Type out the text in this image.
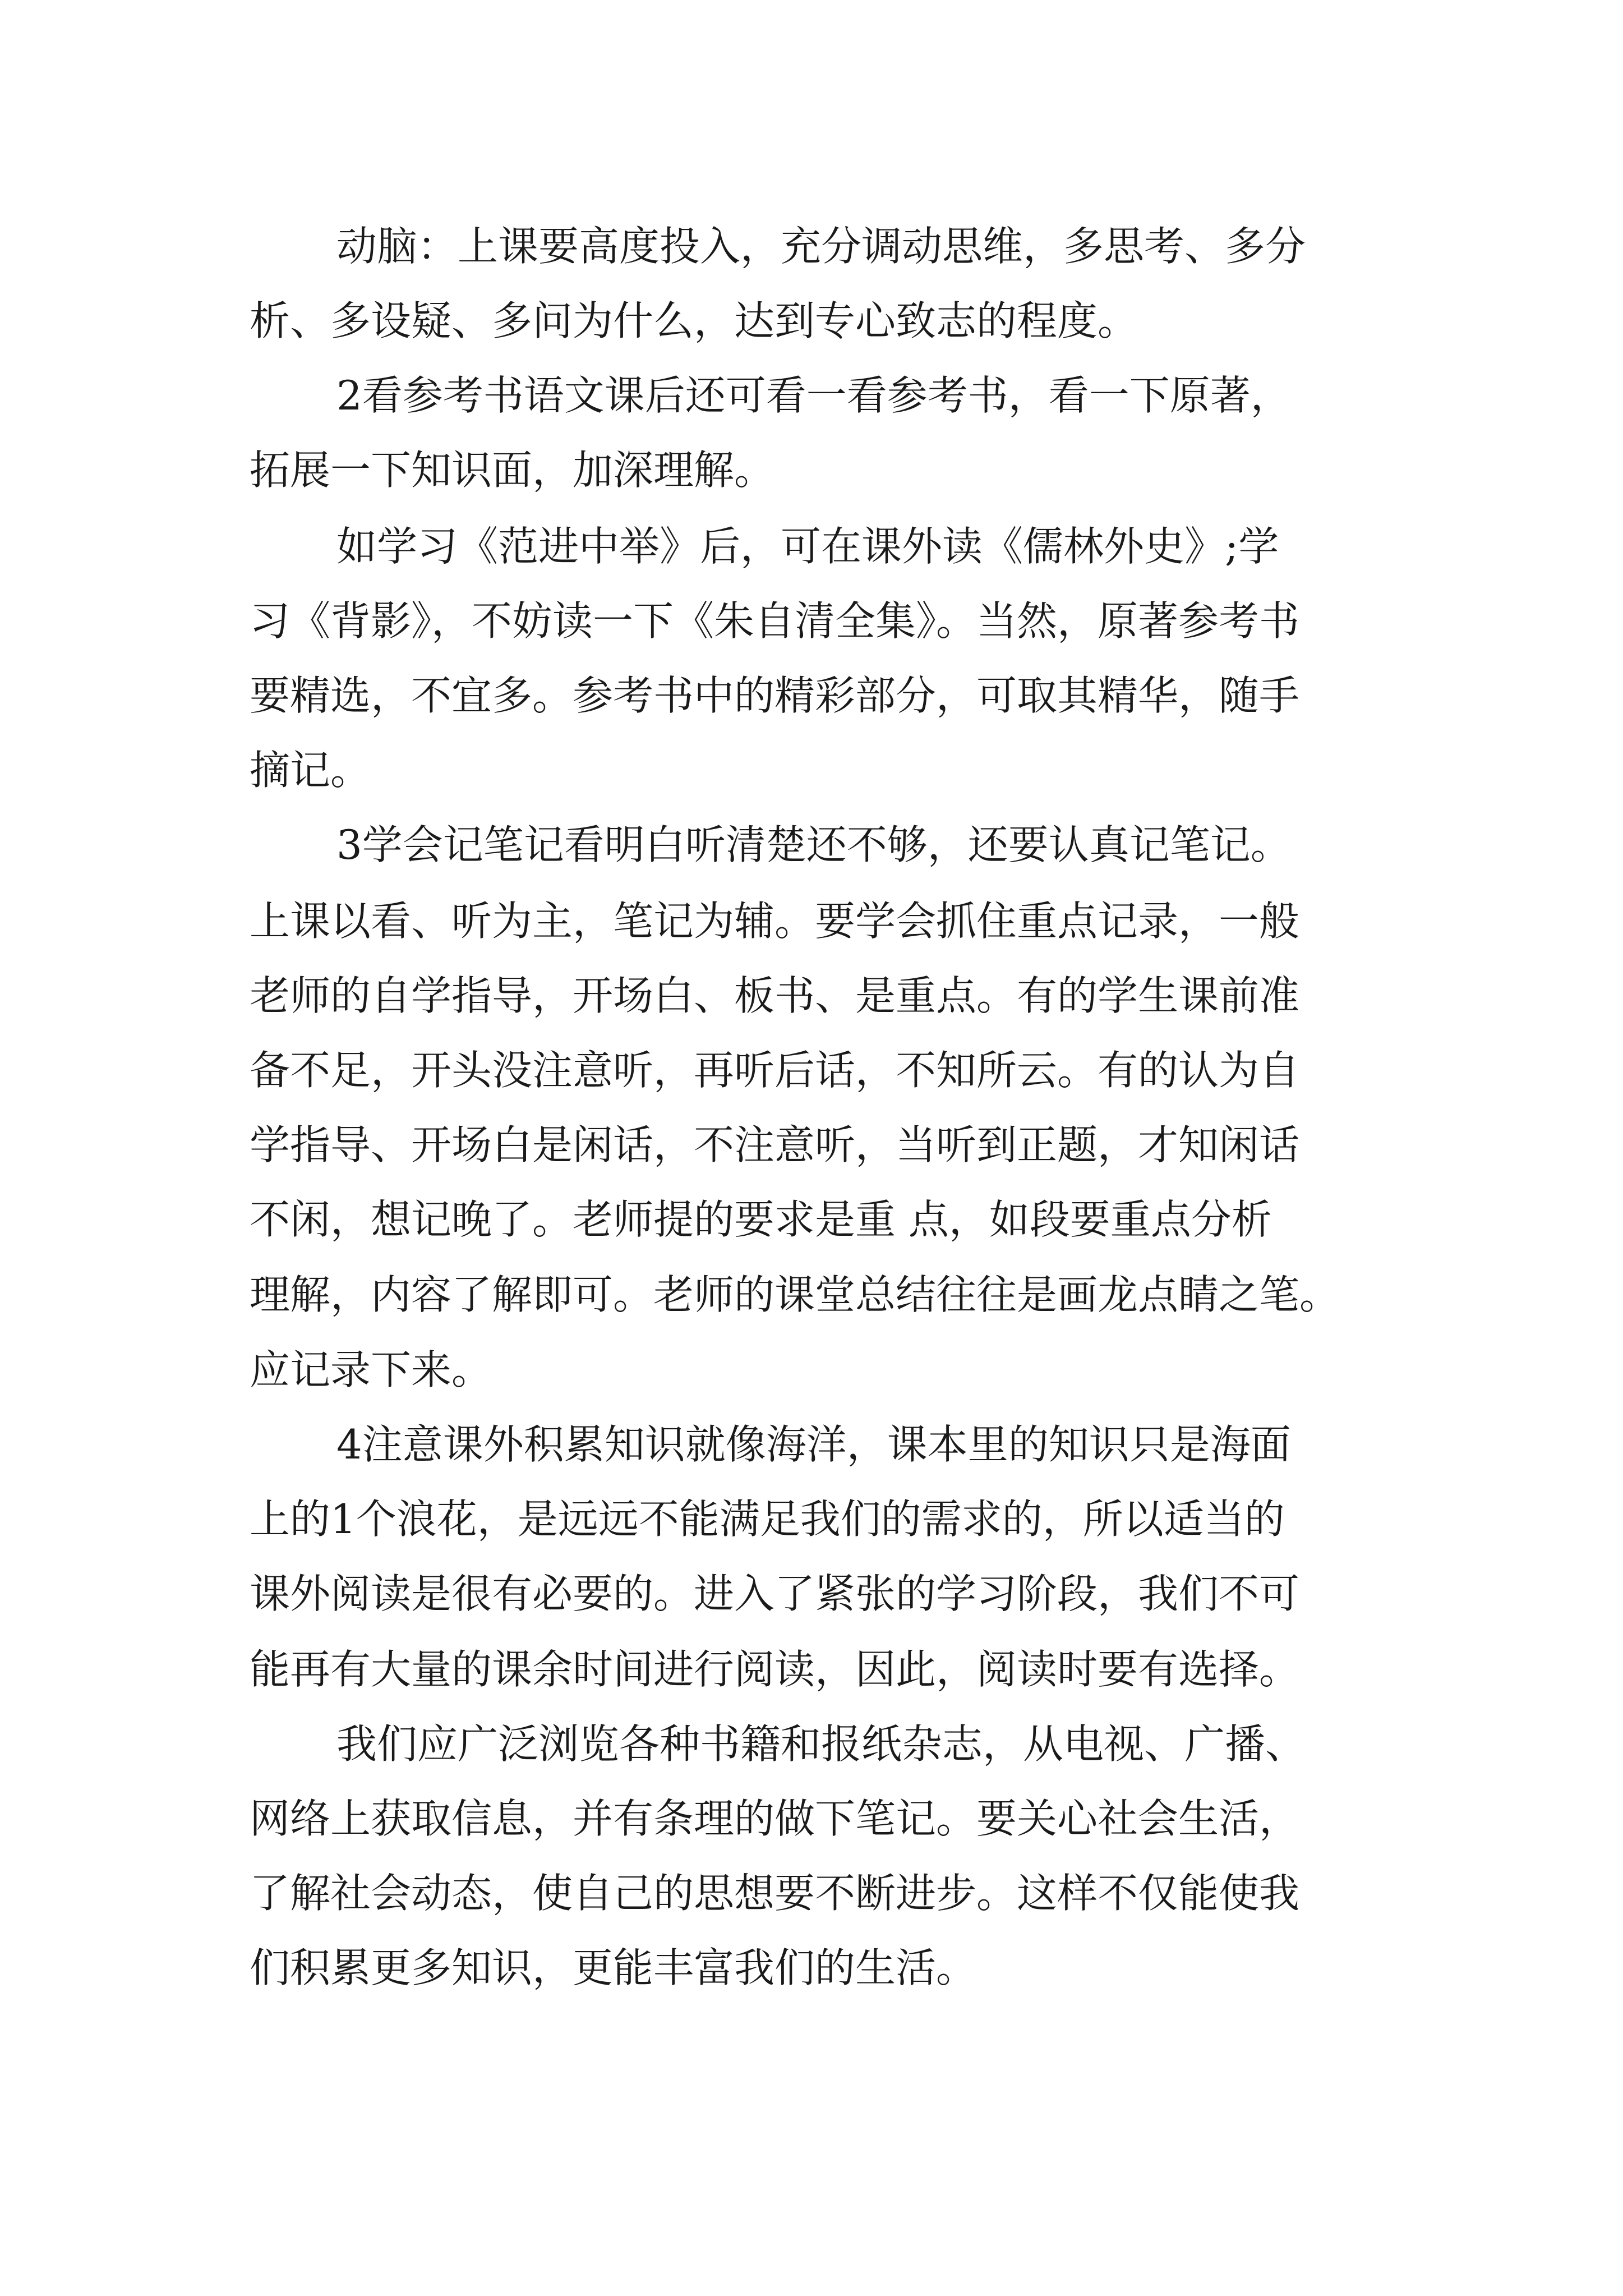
动脑：上课要高度投入，充分调动思维，多思考、多分

析、多设疑、多问为什么，达到专心致志的程度。

2看参考书语文课后还可看一看参考书，看一下原著，

拓展一下知识面，加深理解。

如学习《范进中举》后，可在课外读《儒林外史》;学

习《背影》，不妨读一下《朱自清全集》。当然，原著参考书

要精选，不宜多。参考书中的精彩部分，可取其精华，随手

摘记。

3学会记笔记看明白听清楚还不够，还要认真记笔记。

上课以看、听为主，笔记为辅。要学会抓住重点记录，一般

老师的自学指导，开场白、板书、是重点。有的学生课前准

备不足，开头没注意听，再听后话，不知所云。有的认为自

学指导、开场白是闲话，不注意听，当听到正题，才知闲话

不闲，想记晚了。老师提的要求是重 点，如段要重点分析

理解，内容了解即可。老师的课堂总结往往是画龙点睛之笔。

应记录下来。

4注意课外积累知识就像海洋，课本里的知识只是海面

上的1个浪花，是远远不能满足我们的需求的，所以适当的

课外阅读是很有必要的。进入了紧张的学习阶段，我们不可

能再有大量的课余时间进行阅读，因此，阅读时要有选择。

我们应广泛浏览各种书籍和报纸杂志，从电视、广播、

网络上获取信息，并有条理的做下笔记。要关心社会生活，

了解社会动态，使自己的思想要不断进步。这样不仅能使我

们积累更多知识，更能丰富我们的生活。
